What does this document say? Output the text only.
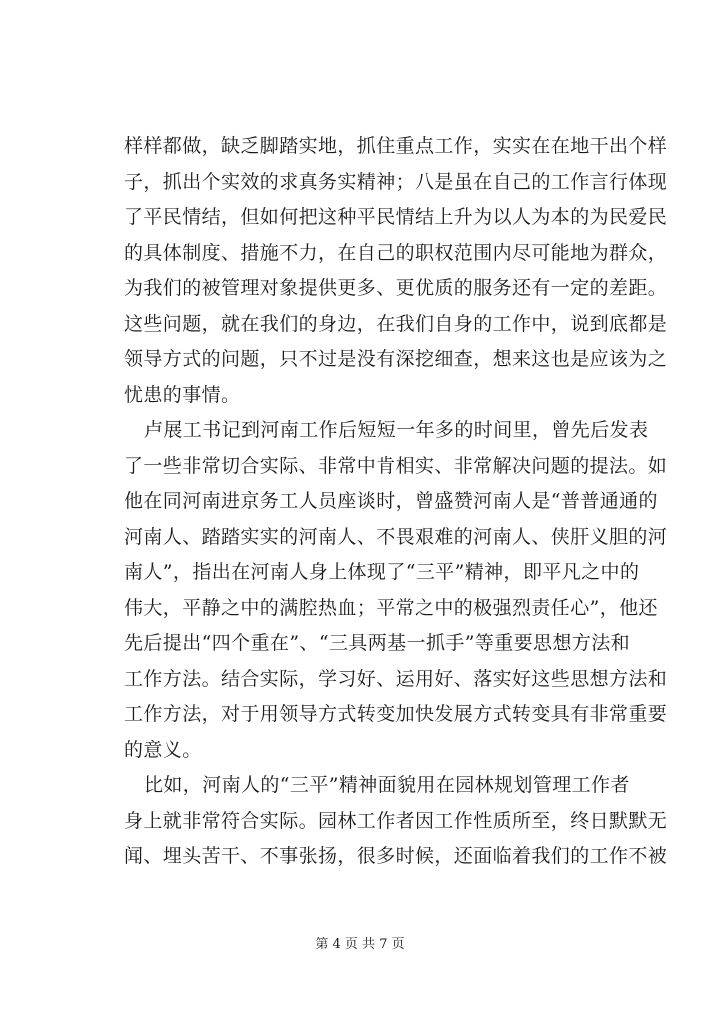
样样都做，缺乏脚踏实地，抓住重点工作，实实在在地干出个样
子，抓出个实效的求真务实精神；八是虽在自己的工作言行体现
了平民情结，但如何把这种平民情结上升为以人为本的为民爱民
的具体制度、措施不力，在自己的职权范围内尽可能地为群众，
为我们的被管理对象提供更多、更优质的服务还有一定的差距。
这些问题，就在我们的身边，在我们自身的工作中，说到底都是
领导方式的问题，只不过是没有深挖细查，想来这也是应该为之
忧患的事情。
卢展工书记到河南工作后短短一年多的时间里，曾先后发表
了一些非常切合实际、非常中肯相实、非常解决问题的提法。如
他在同河南进京务工人员座谈时，曾盛赞河南人是“普普通通的
河南人、踏踏实实的河南人、不畏艰难的河南人、侠肝义胆的河
南人”，指出在河南人身上体现了“三平”精神，即平凡之中的
伟大，平静之中的满腔热血；平常之中的极强烈责任心”，他还
先后提出“四个重在”、“三具两基一抓手”等重要思想方法和
工作方法。结合实际，学习好、运用好、落实好这些思想方法和
工作方法，对于用领导方式转变加快发展方式转变具有非常重要
的意义。
比如，河南人的“三平”精神面貌用在园林规划管理工作者
身上就非常符合实际。园林工作者因工作性质所至，终日默默无
闻、埋头苦干、不事张扬，很多时候，还面临着我们的工作不被
第 4 页 共 7 页
